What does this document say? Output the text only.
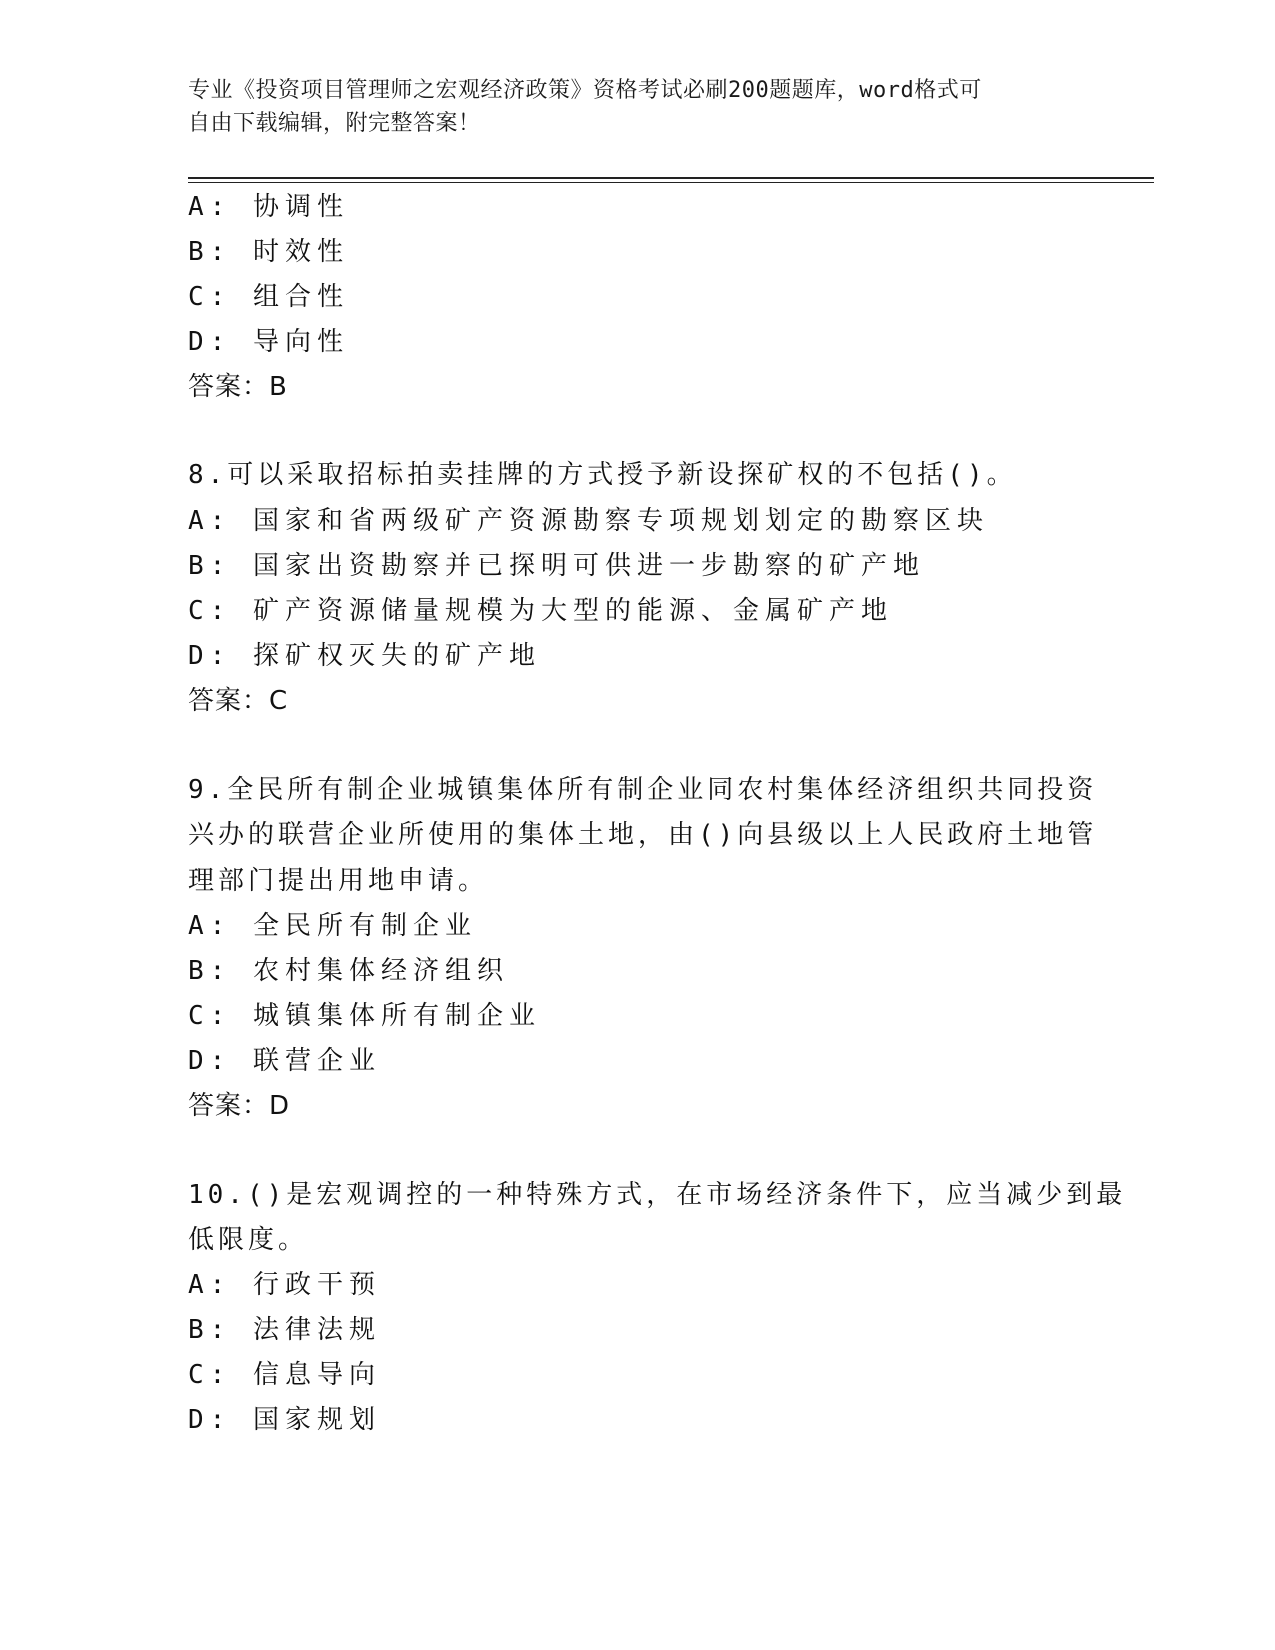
专业《投资项目管理师之宏观经济政策》资格考试必刷200题题库，word格式可
自由下载编辑，附完整答案！
A: 协调性
B: 时效性
C: 组合性
D: 导向性
答案：B
8.可以采取招标拍卖挂牌的方式授予新设探矿权的不包括()。
A: 国家和省两级矿产资源勘察专项规划划定的勘察区块
B: 国家出资勘察并已探明可供进一步勘察的矿产地
C: 矿产资源储量规模为大型的能源、金属矿产地
D: 探矿权灭失的矿产地
答案：C
9.全民所有制企业城镇集体所有制企业同农村集体经济组织共同投资
兴办的联营企业所使用的集体土地，由()向县级以上人民政府土地管
理部门提出用地申请。
A: 全民所有制企业
B: 农村集体经济组织
C: 城镇集体所有制企业
D: 联营企业
答案：D
10.()是宏观调控的一种特殊方式，在市场经济条件下，应当减少到最
低限度。
A: 行政干预
B: 法律法规
C: 信息导向
D: 国家规划
